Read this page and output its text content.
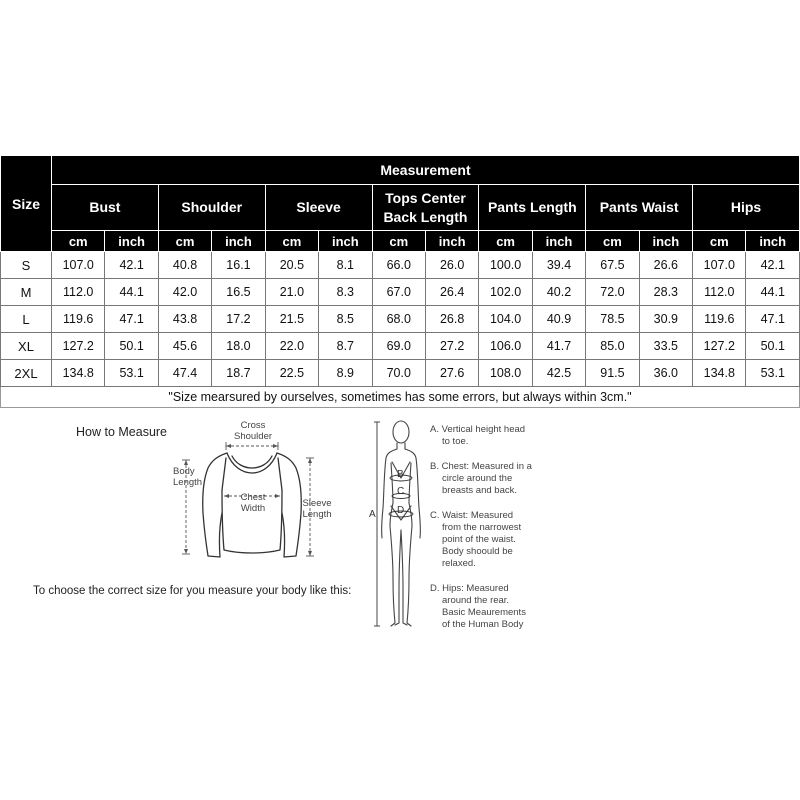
Size	Measurement													

	Bust		Shoulder		Sleeve		Tops Center
Back Length		Pants Length		Pants Waist		Hips	

	cm	inch	cm	inch	cm	inch	cm	inch	cm	inch	cm	inch	cm	inch
S	107.0	42.1	40.8	16.1	20.5	8.1	66.0	26.0	100.0	39.4	67.5	26.6	107.0	42.1
M	112.0	44.1	42.0	16.5	21.0	8.3	67.0	26.4	102.0	40.2	72.0	28.3	112.0	44.1
L	119.6	47.1	43.8	17.2	21.5	8.5	68.0	26.8	104.0	40.9	78.5	30.9	119.6	47.1
XL	127.2	50.1	45.6	18.0	22.0	8.7	69.0	27.2	106.0	41.7	85.0	33.5	127.2	50.1
2XL	134.8	53.1	47.4	18.7	22.5	8.9	70.0	27.6	108.0	42.5	91.5	36.0	134.8	53.1
"Size mearsured by ourselves, sometimes has some errors, but always within 3cm."														
How to Measure	Cross
Shoulder
Body
Length
Chest
Width	Sleeve
Length
To choose the correct size for you measure your body like this:
A
B
C
D
A. Vertical height head
to toe.
B. Chest: Measured in a
circle around the
breasts and back.
C. Waist: Measured
from the narrowest
point of the waist.
Body shoould be
relaxed.
D. Hips: Measured
around the rear.
Basic Meaurements
of the Human Body
